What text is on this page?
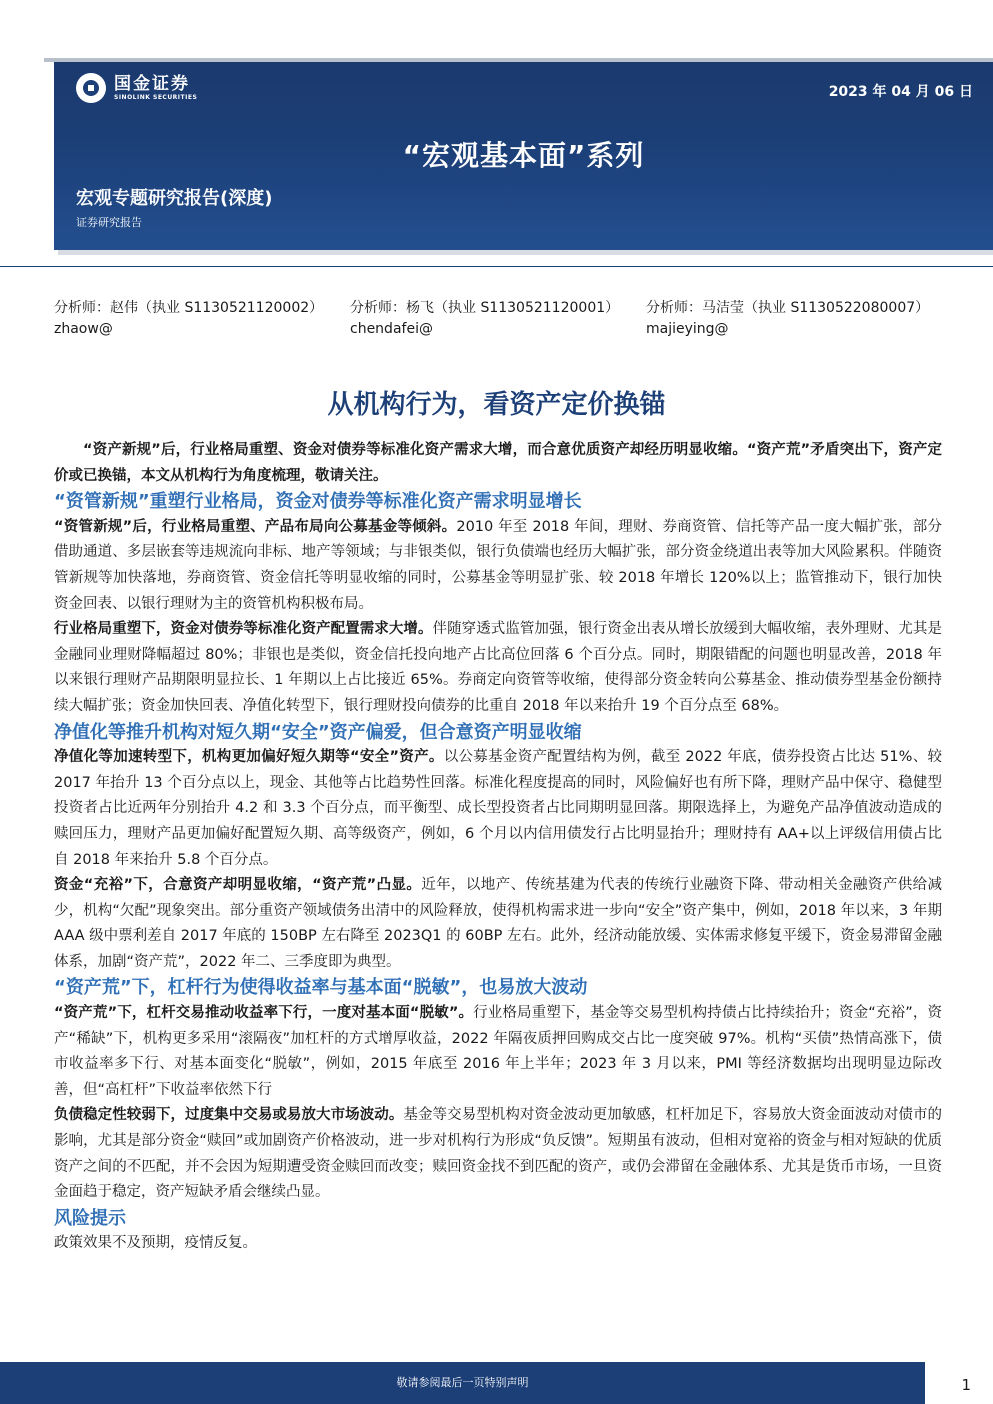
国金证券
SINOLINK SECURITIES	2023 年 04 月 06 日
“宏观基本面”系列
宏观专题研究报告(深度)
证券研究报告
分析师：赵伟（执业 S1130521120002）
zhaow@
分析师：杨飞（执业 S1130521120001）
chendafei@
分析师：马洁莹（执业 S1130522080007）
majieying@
从机构行为，看资产定价换锚

“资产新规”后，行业格局重塑、资金对债券等标准化资产需求大增，而合意优质资产却经历明显收缩。“资产荒”矛盾突出下，资产定价或已换锚，本文从机构行为角度梳理，敬请关注。

“资管新规”重塑行业格局，资金对债券等标准化资产需求明显增长

“资管新规”后，行业格局重塑、产品布局向公募基金等倾斜。2010 年至 2018 年间，理财、券商资管、信托等产品一度大幅扩张，部分借助通道、多层嵌套等违规流向非标、地产等领域；与非银类似，银行负债端也经历大幅扩张，部分资金绕道出表等加大风险累积。伴随资管新规等加快落地，券商资管、资金信托等明显收缩的同时，公募基金等明显扩张、较 2018 年增长 120%以上；监管推动下，银行加快资金回表、以银行理财为主的资管机构积极布局。

行业格局重塑下，资金对债券等标准化资产配置需求大增。伴随穿透式监管加强，银行资金出表从增长放缓到大幅收缩，表外理财、尤其是金融同业理财降幅超过 80%；非银也是类似，资金信托投向地产占比高位回落 6 个百分点。同时，期限错配的问题也明显改善，2018 年以来银行理财产品期限明显拉长、1 年期以上占比接近 65%。券商定向资管等收缩，使得部分资金转向公募基金、推动债券型基金份额持续大幅扩张；资金加快回表、净值化转型下，银行理财投向债券的比重自 2018 年以来抬升 19 个百分点至 68%。

净值化等推升机构对短久期“安全”资产偏爱，但合意资产明显收缩

净值化等加速转型下，机构更加偏好短久期等“安全”资产。以公募基金资产配置结构为例，截至 2022 年底，债券投资占比达 51%、较 2017 年抬升 13 个百分点以上，现金、其他等占比趋势性回落。标准化程度提高的同时，风险偏好也有所下降，理财产品中保守、稳健型投资者占比近两年分别抬升 4.2 和 3.3 个百分点，而平衡型、成长型投资者占比同期明显回落。期限选择上，为避免产品净值波动造成的赎回压力，理财产品更加偏好配置短久期、高等级资产，例如，6 个月以内信用债发行占比明显抬升；理财持有 AA+以上评级信用债占比自 2018 年来抬升 5.8 个百分点。

资金“充裕”下，合意资产却明显收缩，“资产荒”凸显。近年，以地产、传统基建为代表的传统行业融资下降、带动相关金融资产供给减少，机构“欠配”现象突出。部分重资产领域债务出清中的风险释放，使得机构需求进一步向“安全”资产集中，例如，2018 年以来，3 年期 AAA 级中票利差自 2017 年底的 150BP 左右降至 2023Q1 的 60BP 左右。此外，经济动能放缓、实体需求修复平缓下，资金易滞留金融体系，加剧“资产荒”，2022 年二、三季度即为典型。

“资产荒”下，杠杆行为使得收益率与基本面“脱敏”，也易放大波动

“资产荒”下，杠杆交易推动收益率下行，一度对基本面“脱敏”。行业格局重塑下，基金等交易型机构持债占比持续抬升；资金“充裕”，资产“稀缺”下，机构更多采用“滚隔夜”加杠杆的方式增厚收益，2022 年隔夜质押回购成交占比一度突破 97%。机构“买债”热情高涨下，债市收益率多下行、对基本面变化“脱敏”，例如，2015 年底至 2016 年上半年；2023 年 3 月以来，PMI 等经济数据均出现明显边际改善，但“高杠杆”下收益率依然下行

负债稳定性较弱下，过度集中交易或易放大市场波动。基金等交易型机构对资金波动更加敏感，杠杆加足下，容易放大资金面波动对债市的影响，尤其是部分资金“赎回”或加剧资产价格波动，进一步对机构行为形成“负反馈”。短期虽有波动，但相对宽裕的资金与相对短缺的优质资产之间的不匹配，并不会因为短期遭受资金赎回而改变；赎回资金找不到匹配的资产，或仍会滞留在金融体系、尤其是货币市场，一旦资金面趋于稳定，资产短缺矛盾会继续凸显。

风险提示

政策效果不及预期，疫情反复。

敬请参阅最后一页特别声明	1
